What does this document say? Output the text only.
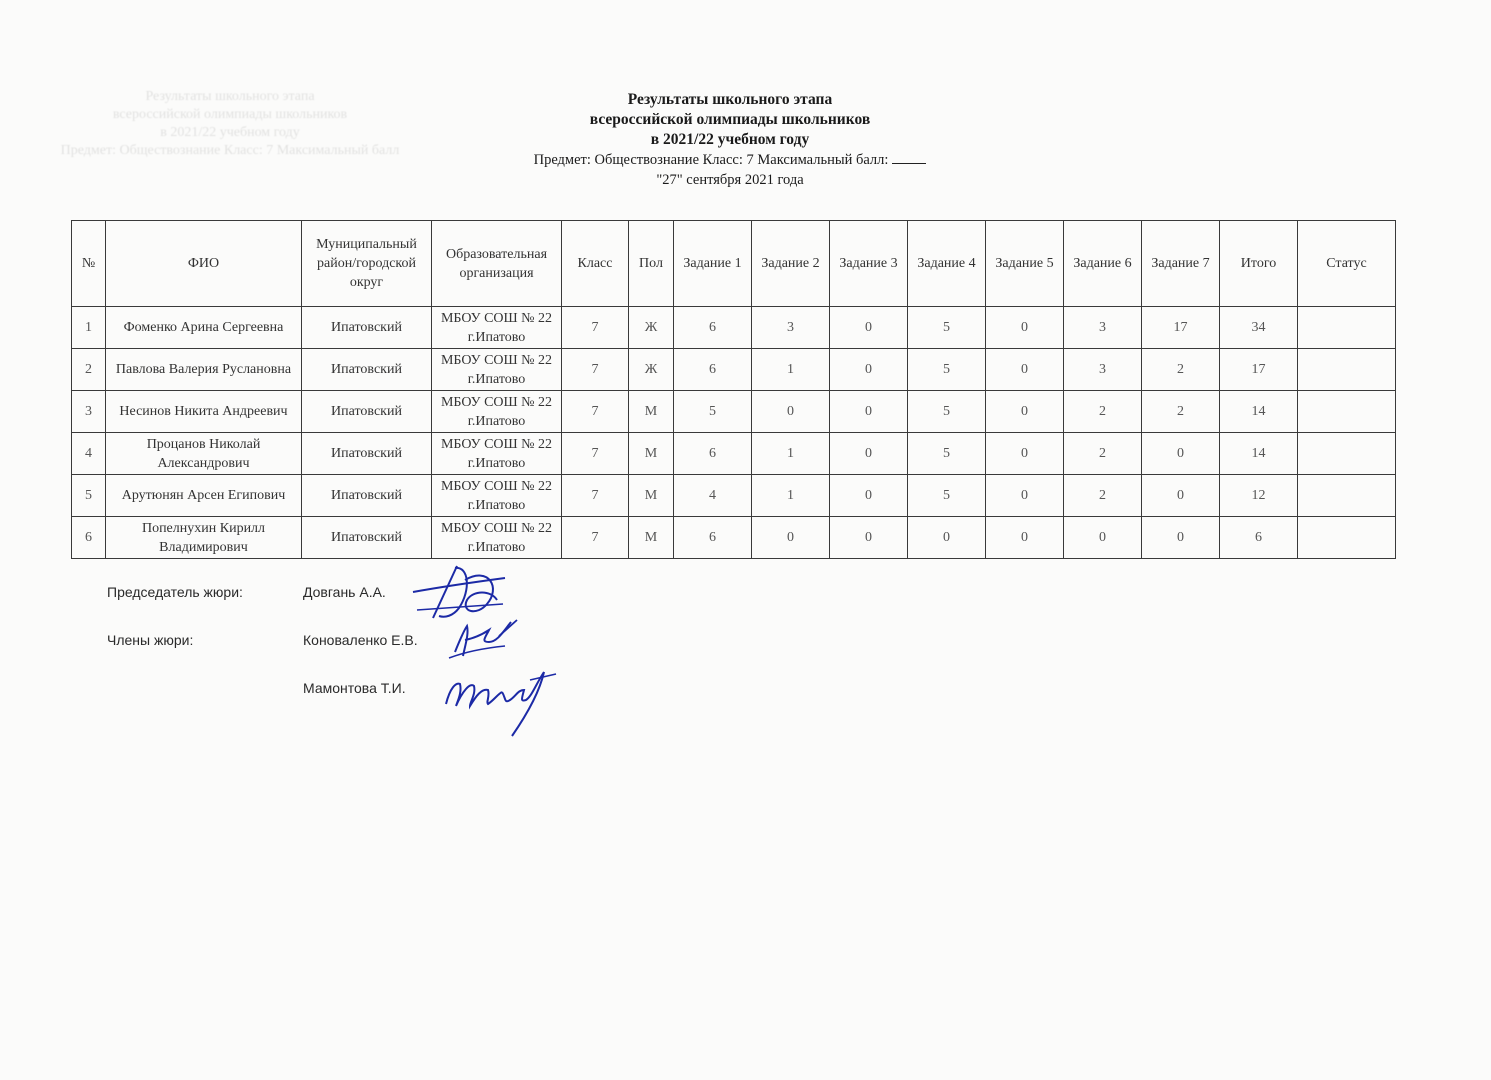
Результаты школьного этапа
всероссийской олимпиады школьников
в 2021/22 учебном году
Предмет: Обществознание Класс: 7 Максимальный балл
Результаты школьного этапа
всероссийской олимпиады школьников
в 2021/22 учебном году
Предмет: Обществознание Класс: 7 Максимальный балл:
"27" сентября 2021 года
№	ФИО	Муниципальный район/городской округ	Образовательная организация	Класс	Пол	Задание 1	Задание 2	Задание 3	Задание 4	Задание 5	Задание 6	Задание 7	Итого	Статус
1	Фоменко Арина Сергеевна	Ипатовский	МБОУ СОШ № 22 г.Ипатово	7	Ж	6	3	0	5	0	3	17	34	
2	Павлова Валерия Руслановна	Ипатовский	МБОУ СОШ № 22 г.Ипатово	7	Ж	6	1	0	5	0	3	2	17	
3	Несинов Никита Андреевич	Ипатовский	МБОУ СОШ № 22 г.Ипатово	7	М	5	0	0	5	0	2	2	14	
4	Процанов Николай Александрович	Ипатовский	МБОУ СОШ № 22 г.Ипатово	7	М	6	1	0	5	0	2	0	14	
5	Арутюнян Арсен Египович	Ипатовский	МБОУ СОШ № 22 г.Ипатово	7	М	4	1	0	5	0	2	0	12	
6	Попелнухин Кирилл Владимирович	Ипатовский	МБОУ СОШ № 22 г.Ипатово	7	М	6	0	0	0	0	0	0	6	
Председатель жюри:	Довгань А.А.
Члены жюри:	Коноваленко Е.В.
Мамонтова Т.И.
